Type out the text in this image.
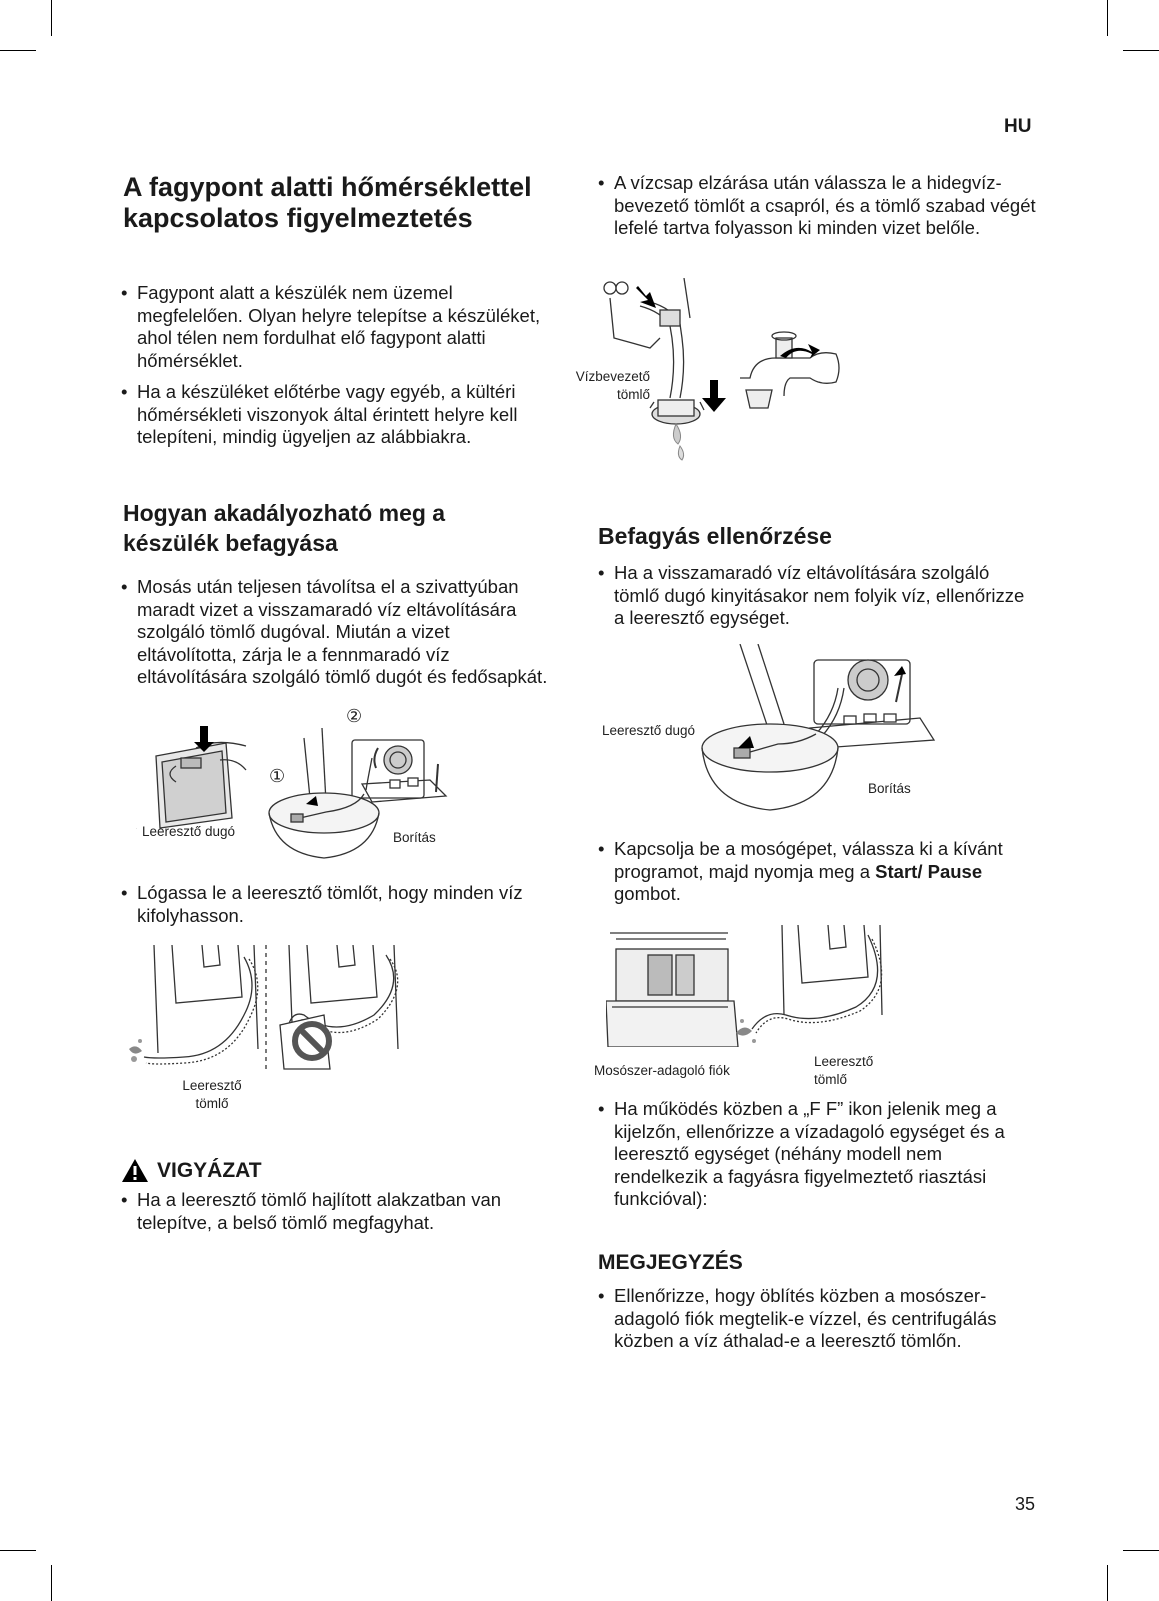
HU
A fagypont alatti hőmérséklettel kapcsolatos figyelmeztetés
• Fagypont alatt a készülék nem üzemel megfelelően. Olyan helyre telepítse a készüléket, ahol télen nem fordulhat elő fagypont alatti hőmérséklet.
• Ha a készüléket előtérbe vagy egyéb, a kültéri hőmérsékleti viszonyok által érintett helyre kell telepíteni, mindig ügyeljen az alábbiakra.
Hogyan akadályozható meg a készülék befagyása
• Mosás után teljesen távolítsa el a szivattyúban maradt vizet a visszamaradó víz eltávolítására szolgáló tömlő dugóval. Miután a vizet eltávolította, zárja le a fennmaradó víz eltávolítására szolgáló tömlő dugót és fedősapkát.
①
②
Leeresztő dugó	Borítás
• Lógassa le a leeresztő tömlőt, hogy minden víz kifolyhasson.
Leeresztő
tömlő
VIGYÁZAT
• Ha a leeresztő tömlő hajlított alakzatban van telepítve, a belső tömlő megfagyhat.
• A vízcsap elzárása után válassza le a hidegvíz-bevezető tömlőt a csapról, és a tömlő szabad végét lefelé tartva folyasson ki minden vizet belőle.
Vízbevezető
tömlő
Befagyás ellenőrzése
• Ha a visszamaradó víz eltávolítására szolgáló tömlő dugó kinyitásakor nem folyik víz, ellenőrizze a leeresztő egységet.
Leeresztő dugó
Borítás
• Kapcsolja be a mosógépet, válassza ki a kívánt programot, majd nyomja meg a Start/ Pause gombot.
Mosószer-adagoló fiók
Leeresztő
tömlő
• Ha működés közben a „F F” ikon jelenik meg a kijelzőn, ellenőrizze a vízadagoló egységet és a leeresztő egységet (néhány modell nem rendelkezik a fagyásra figyelmeztető riasztási funkcióval):
MEGJEGYZÉS
• Ellenőrizze, hogy öblítés közben a mosószer-adagoló fiók megtelik-e vízzel, és centrifugálás közben a víz áthalad-e a leeresztő tömlőn.
35
